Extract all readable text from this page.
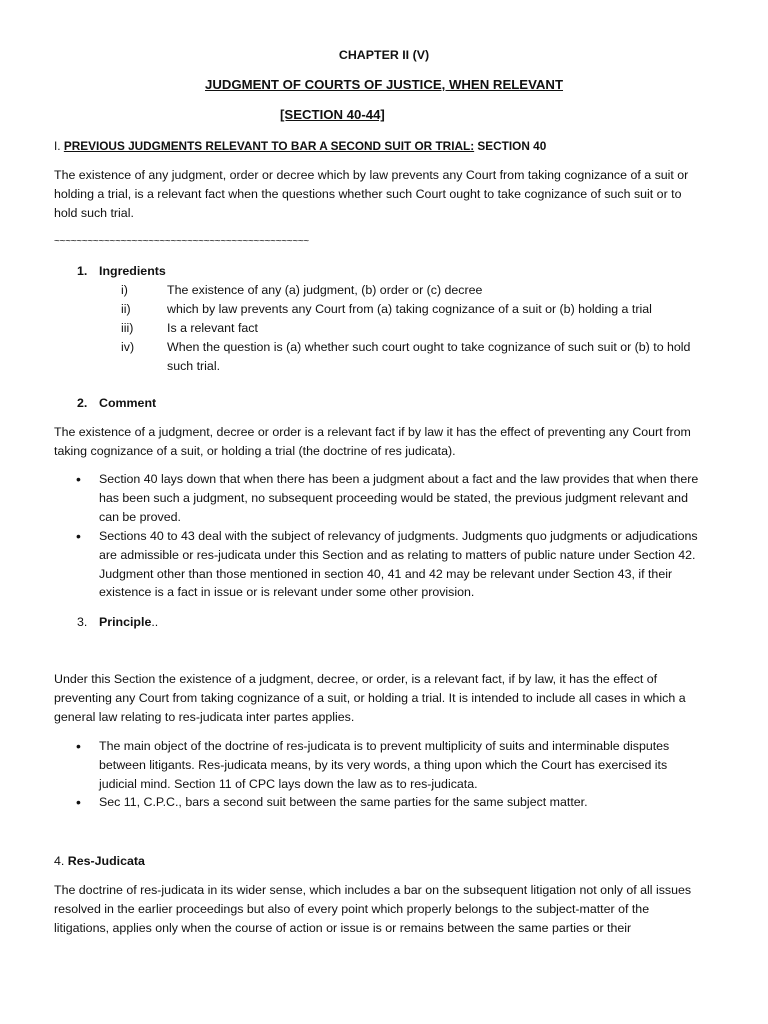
CHAPTER II (V)
JUDGMENT OF COURTS OF JUSTICE, WHEN RELEVANT
[SECTION 40-44]
I. PREVIOUS JUDGMENTS RELEVANT TO BAR A SECOND SUIT OR TRIAL: SECTION 40
The existence of any judgment, order or decree which by law prevents any Court from taking cognizance of a suit or holding a trial, is a relevant fact when the questions whether such Court ought to take cognizance of such suit or to hold such trial.
~~~~~~~~~~~~~~~~~~~~~~~~~~~~~~~~~~~~~~~~~~~~~~
1. Ingredients
i)	The existence of any (a) judgment, (b) order or (c) decree
ii)	which by law prevents any Court from (a) taking cognizance of a suit or (b) holding a trial
iii)	Is a relevant fact
iv)	When the question is (a) whether such court ought to take cognizance of such suit or (b) to hold such trial.
2. Comment
The existence of a judgment, decree or order is a relevant fact if by law it has the effect of preventing any Court from taking cognizance of a suit, or holding a trial (the doctrine of res judicata).
• Section 40 lays down that when there has been a judgment about a fact and the law provides that when there has been such a judgment, no subsequent proceeding would be stated, the previous judgment relevant and can be proved.
• Sections 40 to 43 deal with the subject of relevancy of judgments. Judgments quo judgments or adjudications are admissible or res-judicata under this Section and as relating to matters of public nature under Section 42. Judgment other than those mentioned in section 40, 41 and 42 may be relevant under Section 43, if their existence is a fact in issue or is relevant under some other provision.
3. Principle..
Under this Section the existence of a judgment, decree, or order, is a relevant fact, if by law, it has the effect of preventing any Court from taking cognizance of a suit, or holding a trial. It is intended to include all cases in which a general law relating to res-judicata inter partes applies.
• The main object of the doctrine of res-judicata is to prevent multiplicity of suits and interminable disputes between litigants. Res-judicata means, by its very words, a thing upon which the Court has exercised its judicial mind. Section 11 of CPC lays down the law as to res-judicata.
• Sec 11, C.P.C., bars a second suit between the same parties for the same subject matter.
4. Res-Judicata
The doctrine of res-judicata in its wider sense, which includes a bar on the subsequent litigation not only of all issues resolved in the earlier proceedings but also of every point which properly belongs to the subject-matter of the litigations, applies only when the course of action or issue is or remains between the same parties or their
